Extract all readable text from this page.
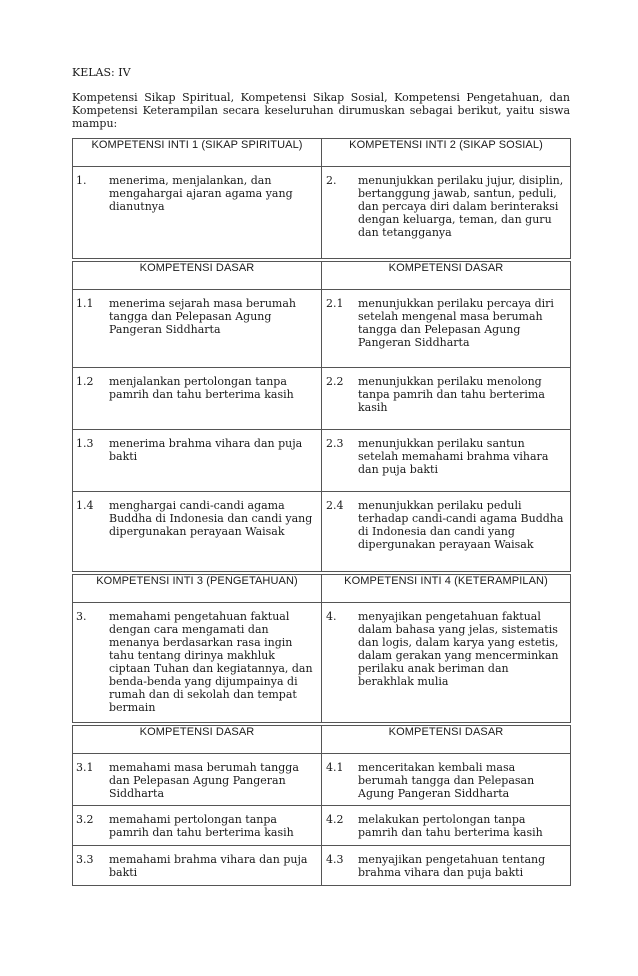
KELAS: IV

Kompetensi Sikap Spiritual, Kompetensi Sikap Sosial, Kompetensi Pengetahuan, dan Kompetensi Keterampilan secara keseluruhan dirumuskan sebagai berikut, yaitu siswa mampu:

KOMPETENSI INTI 1 (SIKAP SPIRITUAL)	KOMPETENSI INTI 2 (SIKAP SOSIAL)

1. menerima, menjalankan, dan mengahargai ajaran agama yang dianutnya	2. menunjukkan perilaku jujur, disiplin, bertanggung jawab, santun, peduli, dan percaya diri dalam berinteraksi dengan keluarga, teman, dan guru dan tetangganya
KOMPETENSI DASAR	KOMPETENSI DASAR

1.1 menerima sejarah masa berumah tangga dan Pelepasan Agung Pangeran Siddharta	2.1 menunjukkan perilaku percaya diri setelah mengenal masa berumah tangga dan Pelepasan Agung Pangeran Siddharta

1.2 menjalankan pertolongan tanpa pamrih dan tahu berterima kasih	2.2 menunjukkan perilaku menolong tanpa pamrih dan tahu berterima kasih

1.3 menerima brahma vihara dan puja bakti	2.3 menunjukkan perilaku santun setelah memahami brahma vihara dan puja bakti

1.4 menghargai candi-candi agama Buddha di Indonesia dan candi yang dipergunakan perayaan Waisak	2.4 menunjukkan perilaku peduli terhadap candi-candi agama Buddha di Indonesia dan candi yang dipergunakan perayaan Waisak
KOMPETENSI INTI 3 (PENGETAHUAN)	KOMPETENSI INTI 4 (KETERAMPILAN)

3. memahami pengetahuan faktual dengan cara mengamati dan menanya berdasarkan rasa ingin tahu tentang dirinya makhluk ciptaan Tuhan dan kegiatannya, dan benda-benda yang dijumpainya di rumah dan di sekolah dan tempat bermain	4. menyajikan pengetahuan faktual dalam bahasa yang jelas, sistematis dan logis, dalam karya yang estetis, dalam gerakan yang mencerminkan perilaku anak beriman dan berakhlak mulia
KOMPETENSI DASAR	KOMPETENSI DASAR

3.1 memahami masa berumah tangga dan Pelepasan Agung Pangeran Siddharta	4.1 menceritakan kembali masa berumah tangga dan Pelepasan Agung Pangeran Siddharta

3.2 memahami pertolongan tanpa pamrih dan tahu berterima kasih	4.2 melakukan pertolongan tanpa pamrih dan tahu berterima kasih

3.3 memahami brahma vihara dan puja bakti	4.3 menyajikan pengetahuan tentang brahma vihara dan puja bakti
